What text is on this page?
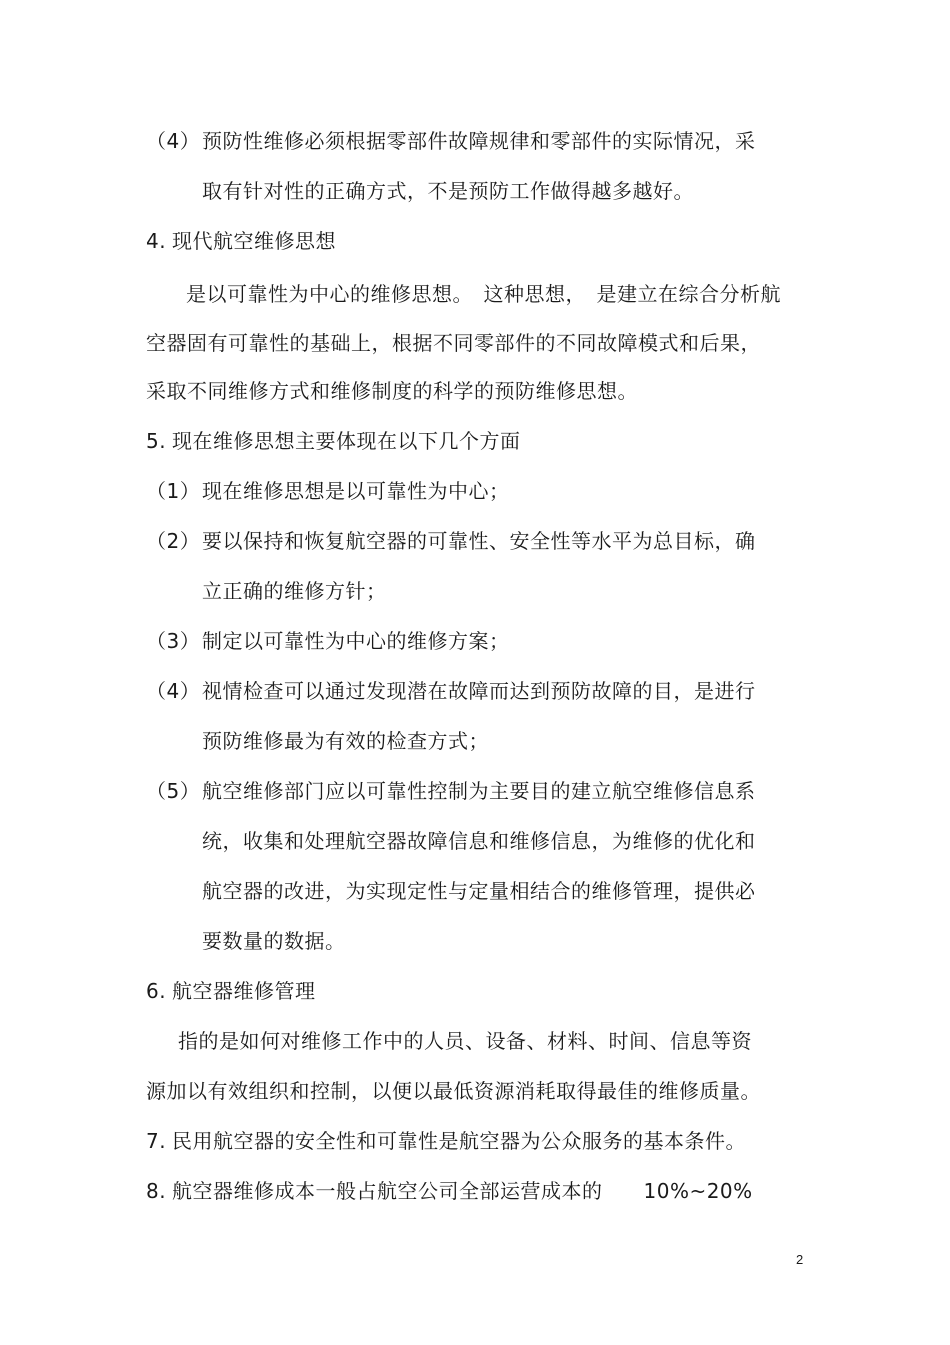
（4）预防性维修必须根据零部件故障规律和零部件的实际情况，采
取有针对性的正确方式，不是预防工作做得越多越好。
4. 现代航空维修思想
是以可靠性为中心的维修思想。　这种思想，　是建立在综合分析航
空器固有可靠性的基础上，根据不同零部件的不同故障模式和后果，
采取不同维修方式和维修制度的科学的预防维修思想。
5. 现在维修思想主要体现在以下几个方面
（1）现在维修思想是以可靠性为中心；
（2）要以保持和恢复航空器的可靠性、安全性等水平为总目标，确
立正确的维修方针；
（3）制定以可靠性为中心的维修方案；
（4）视情检查可以通过发现潜在故障而达到预防故障的目，是进行
预防维修最为有效的检查方式；
（5）航空维修部门应以可靠性控制为主要目的建立航空维修信息系
统，收集和处理航空器故障信息和维修信息，为维修的优化和
航空器的改进，为实现定性与定量相结合的维修管理，提供必
要数量的数据。
6. 航空器维修管理
指的是如何对维修工作中的人员、设备、材料、时间、信息等资
源加以有效组织和控制，以便以最低资源消耗取得最佳的维修质量。
7. 民用航空器的安全性和可靠性是航空器为公众服务的基本条件。
8. 航空器维修成本一般占航空公司全部运营成本的　　10%~20%
2
